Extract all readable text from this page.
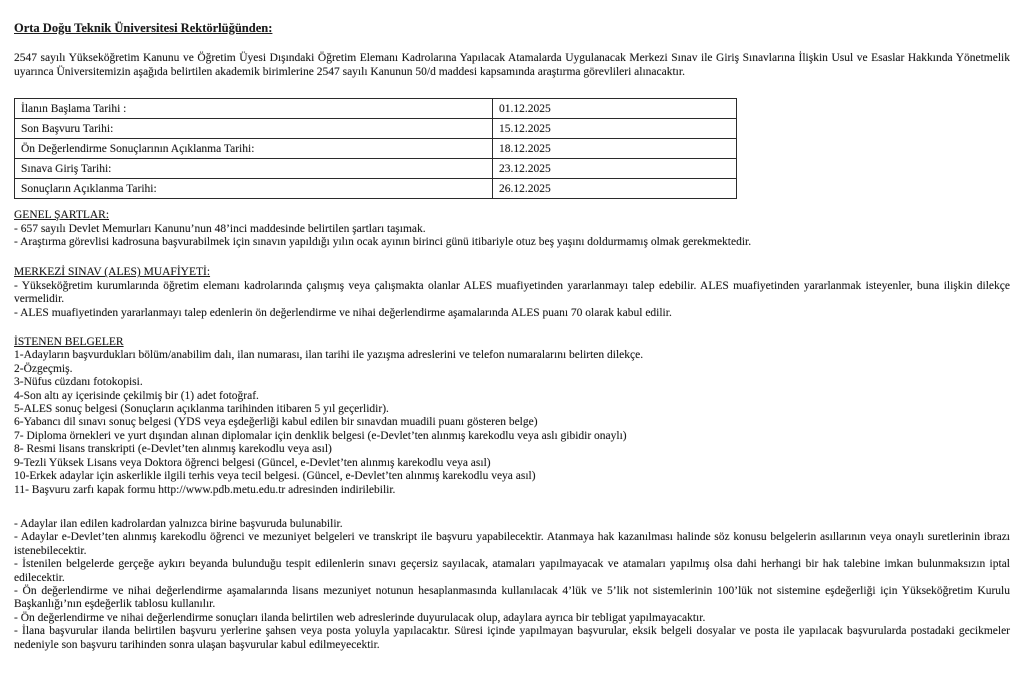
Orta Doğu Teknik Üniversitesi Rektörlüğünden:

2547 sayılı Yükseköğretim Kanunu ve Öğretim Üyesi Dışındaki Öğretim Elemanı Kadrolarına Yapılacak Atamalarda Uygulanacak Merkezi Sınav ile Giriş Sınavlarına İlişkin Usul ve Esaslar Hakkında Yönetmelik uyarınca Üniversitemizin aşağıda belirtilen akademik birimlerine 2547 sayılı Kanunun 50/d maddesi kapsamında araştırma görevlileri alınacaktır.

İlanın Başlama Tarihi :	01.12.2025
Son Başvuru Tarihi:	15.12.2025
Ön Değerlendirme Sonuçlarının Açıklanma Tarihi:	18.12.2025
Sınava Giriş Tarihi:	23.12.2025
Sonuçların Açıklanma Tarihi:	26.12.2025
GENEL ŞARTLAR:

- 657 sayılı Devlet Memurları Kanunu’nun 48’inci maddesinde belirtilen şartları taşımak.

- Araştırma görevlisi kadrosuna başvurabilmek için sınavın yapıldığı yılın ocak ayının birinci günü itibariyle otuz beş yaşını doldurmamış olmak gerekmektedir.

MERKEZİ SINAV (ALES) MUAFİYETİ:

- Yükseköğretim kurumlarında öğretim elemanı kadrolarında çalışmış veya çalışmakta olanlar ALES muafiyetinden yararlanmayı talep edebilir. ALES muafiyetinden yararlanmak isteyenler, buna ilişkin dilekçe vermelidir.

- ALES muafiyetinden yararlanmayı talep edenlerin ön değerlendirme ve nihai değerlendirme aşamalarında ALES puanı 70 olarak kabul edilir.

İSTENEN BELGELER

1-Adayların başvurdukları bölüm/anabilim dalı, ilan numarası, ilan tarihi ile yazışma adreslerini ve telefon numaralarını belirten dilekçe.

2-Özgeçmiş.

3-Nüfus cüzdanı fotokopisi.

4-Son altı ay içerisinde çekilmiş bir (1) adet fotoğraf.

5-ALES sonuç belgesi (Sonuçların açıklanma tarihinden itibaren 5 yıl geçerlidir).

6-Yabancı dil sınavı sonuç belgesi (YDS veya eşdeğerliği kabul edilen bir sınavdan muadili puanı gösteren belge)

7- Diploma örnekleri ve yurt dışından alınan diplomalar için denklik belgesi (e-Devlet’ten alınmış karekodlu veya aslı gibidir onaylı)

8- Resmi lisans transkripti (e-Devlet’ten alınmış karekodlu veya asıl)

9-Tezli Yüksek Lisans veya Doktora öğrenci belgesi (Güncel, e-Devlet’ten alınmış karekodlu veya asıl)

10-Erkek adaylar için askerlikle ilgili terhis veya tecil belgesi. (Güncel, e-Devlet’ten alınmış karekodlu veya asıl)

11- Başvuru zarfı kapak formu http://www.pdb.metu.edu.tr adresinden indirilebilir.

- Adaylar ilan edilen kadrolardan yalnızca birine başvuruda bulunabilir.

- Adaylar e-Devlet’ten alınmış karekodlu öğrenci ve mezuniyet belgeleri ve transkript ile başvuru yapabilecektir. Atanmaya hak kazanılması halinde söz konusu belgelerin asıllarının veya onaylı suretlerinin ibrazı istenebilecektir.

- İstenilen belgelerde gerçeğe aykırı beyanda bulunduğu tespit edilenlerin sınavı geçersiz sayılacak, atamaları yapılmayacak ve atamaları yapılmış olsa dahi herhangi bir hak talebine imkan bulunmaksızın iptal edilecektir.

- Ön değerlendirme ve nihai değerlendirme aşamalarında lisans mezuniyet notunun hesaplanmasında kullanılacak 4’lük ve 5’lik not sistemlerinin 100’lük not sistemine eşdeğerliği için Yükseköğretim Kurulu Başkanlığı’nın eşdeğerlik tablosu kullanılır.

- Ön değerlendirme ve nihai değerlendirme sonuçları ilanda belirtilen web adreslerinde duyurulacak olup, adaylara ayrıca bir tebligat yapılmayacaktır.

- İlana başvurular ilanda belirtilen başvuru yerlerine şahsen veya posta yoluyla yapılacaktır. Süresi içinde yapılmayan başvurular, eksik belgeli dosyalar ve posta ile yapılacak başvurularda postadaki gecikmeler nedeniyle son başvuru tarihinden sonra ulaşan başvurular kabul edilmeyecektir.
